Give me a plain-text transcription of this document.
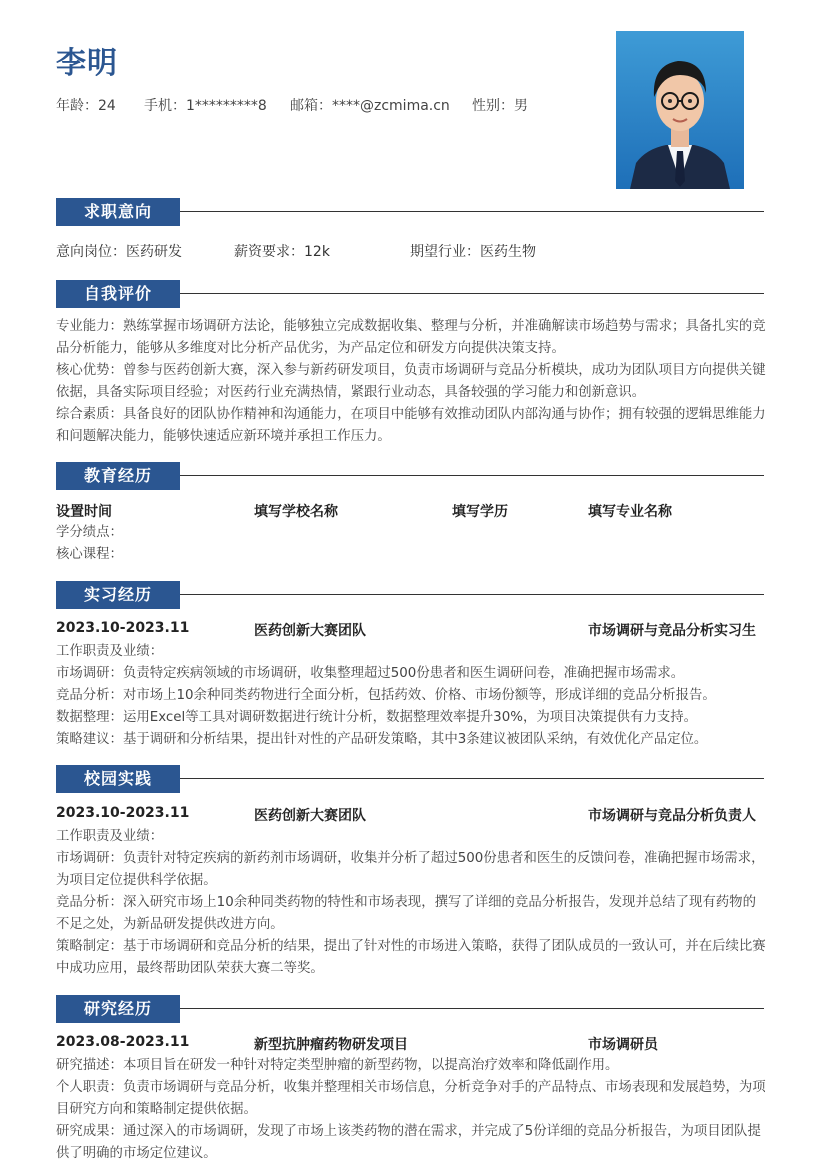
李明
年龄：24 手机：1*********8 邮箱：****@zcmima.cn 性别：男
求职意向
意向岗位：医药研发	薪资要求：12k	期望行业：医药生物
自我评价

专业能力：熟练掌握市场调研方法论，能够独立完成数据收集、整理与分析，并准确解读市场趋势与需求；具备扎实的竞品分析能力，能够从多维度对比分析产品优劣，为产品定位和研发方向提供决策支持。

核心优势：曾参与医药创新大赛，深入参与新药研发项目，负责市场调研与竞品分析模块，成功为团队项目方向提供关键依据，具备实际项目经验；对医药行业充满热情，紧跟行业动态，具备较强的学习能力和创新意识。

综合素质：具备良好的团队协作精神和沟通能力，在项目中能够有效推动团队内部沟通与协作；拥有较强的逻辑思维能力和问题解决能力，能够快速适应新环境并承担工作压力。

教育经历
设置时间	填写学校名称	填写学历	填写专业名称

学分绩点：

核心课程：

实习经历
2023.10-2023.11	医药创新大赛团队	市场调研与竞品分析实习生

工作职责及业绩：

市场调研：负责特定疾病领域的市场调研，收集整理超过500份患者和医生调研问卷，准确把握市场需求。

竞品分析：对市场上10余种同类药物进行全面分析，包括药效、价格、市场份额等，形成详细的竞品分析报告。

数据整理：运用Excel等工具对调研数据进行统计分析，数据整理效率提升30%，为项目决策提供有力支持。

策略建议：基于调研和分析结果，提出针对性的产品研发策略，其中3条建议被团队采纳，有效优化产品定位。

校园实践
2023.10-2023.11	医药创新大赛团队	市场调研与竞品分析负责人

工作职责及业绩：

市场调研：负责针对特定疾病的新药剂市场调研，收集并分析了超过500份患者和医生的反馈问卷，准确把握市场需求，为项目定位提供科学依据。

竞品分析：深入研究市场上10余种同类药物的特性和市场表现，撰写了详细的竞品分析报告，发现并总结了现有药物的不足之处，为新品研发提供改进方向。

策略制定：基于市场调研和竞品分析的结果，提出了针对性的市场进入策略，获得了团队成员的一致认可，并在后续比赛中成功应用，最终帮助团队荣获大赛二等奖。

研究经历
2023.08-2023.11	新型抗肿瘤药物研发项目	市场调研员

研究描述：本项目旨在研发一种针对特定类型肿瘤的新型药物，以提高治疗效率和降低副作用。

个人职责：负责市场调研与竞品分析，收集并整理相关市场信息，分析竞争对手的产品特点、市场表现和发展趋势，为项目研究方向和策略制定提供依据。

研究成果：通过深入的市场调研，发现了市场上该类药物的潜在需求，并完成了5份详细的竞品分析报告，为项目团队提供了明确的市场定位建议。
